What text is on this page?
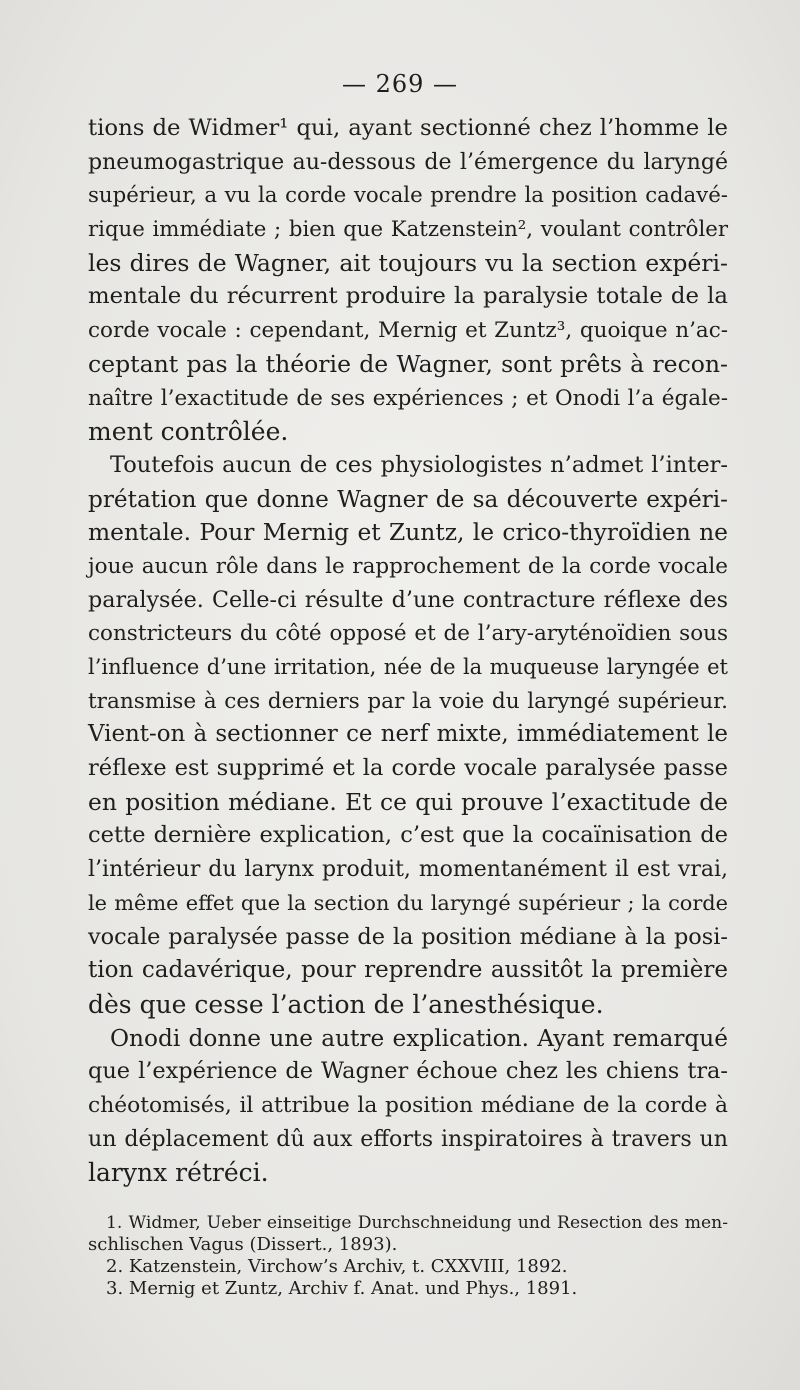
— 269 —
tions de Widmer¹ qui, ayant sectionné chez l’homme le
pneumogastrique au-dessous de l’émergence du laryngé
supérieur, a vu la corde vocale prendre la position cadavé-
rique immédiate ; bien que Katzenstein², voulant contrôler
les dires de Wagner, ait toujours vu la section expéri-
mentale du récurrent produire la paralysie totale de la
corde vocale : cependant, Mernig et Zuntz³, quoique n’ac-
ceptant pas la théorie de Wagner, sont prêts à recon-
naître l’exactitude de ses expériences ; et Onodi l’a égale-
ment contrôlée.
Toutefois aucun de ces physiologistes n’admet l’inter-
prétation que donne Wagner de sa découverte expéri-
mentale. Pour Mernig et Zuntz, le crico-thyroïdien ne
joue aucun rôle dans le rapprochement de la corde vocale
paralysée. Celle-ci résulte d’une contracture réflexe des
constricteurs du côté opposé et de l’ary-aryténoïdien sous
l’influence d’une irritation, née de la muqueuse laryngée et
transmise à ces derniers par la voie du laryngé supérieur.
Vient-on à sectionner ce nerf mixte, immédiatement le
réflexe est supprimé et la corde vocale paralysée passe
en position médiane. Et ce qui prouve l’exactitude de
cette dernière explication, c’est que la cocaïnisation de
l’intérieur du larynx produit, momentanément il est vrai,
le même effet que la section du laryngé supérieur ; la corde
vocale paralysée passe de la position médiane à la posi-
tion cadavérique, pour reprendre aussitôt la première
dès que cesse l’action de l’anesthésique.
Onodi donne une autre explication. Ayant remarqué
que l’expérience de Wagner échoue chez les chiens tra-
chéotomisés, il attribue la position médiane de la corde à
un déplacement dû aux efforts inspiratoires à travers un
larynx rétréci.
1. Widmer, Ueber einseitige Durchschneidung und Resection des men-
schlischen Vagus (Dissert., 1893).
2. Katzenstein, Virchow’s Archiv, t. CXXVIII, 1892.
3. Mernig et Zuntz, Archiv f. Anat. und Phys., 1891.
